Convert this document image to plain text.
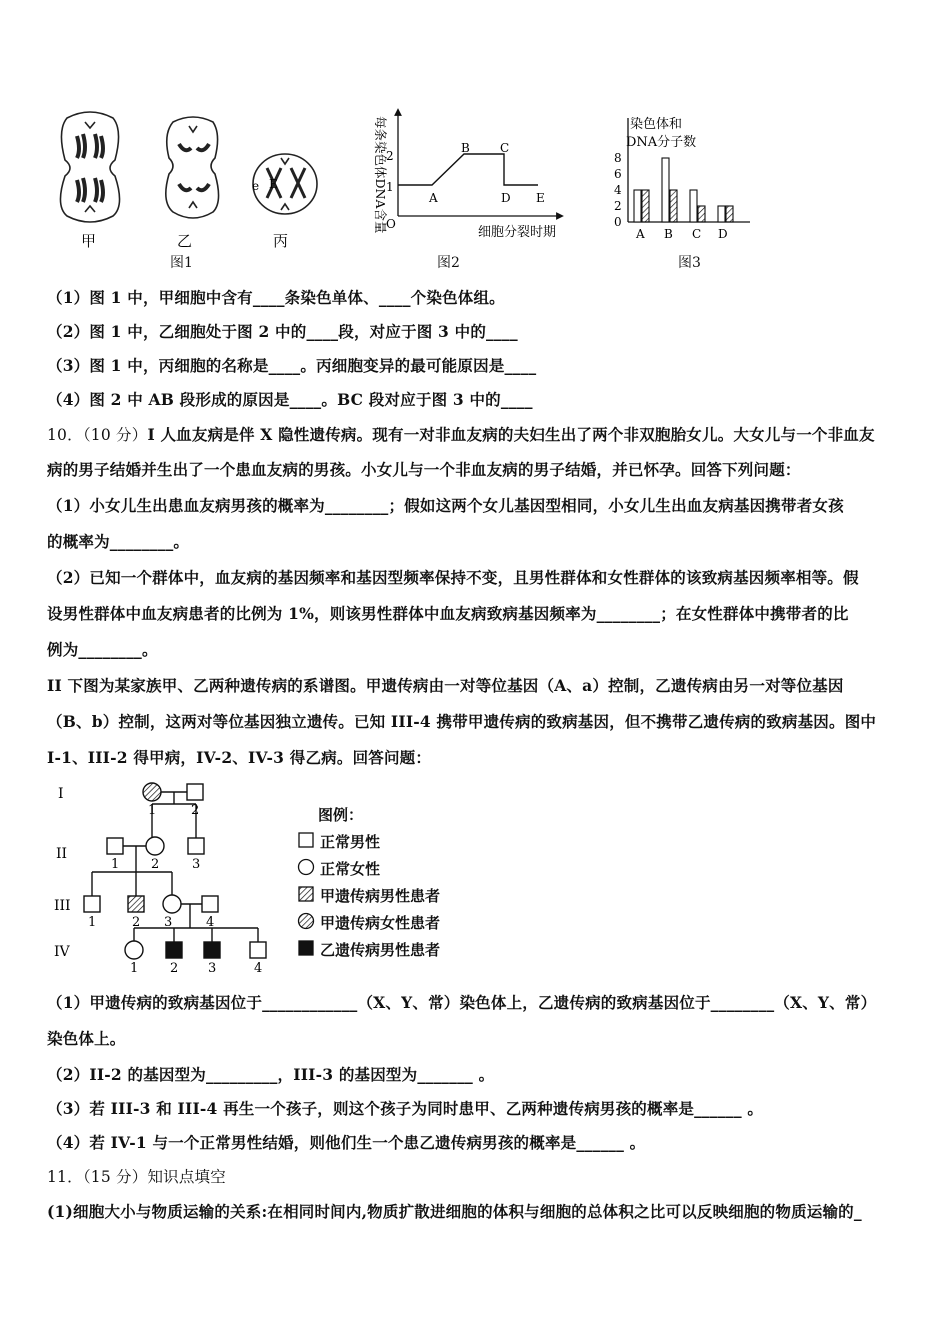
e E
甲	乙	丙
图1
每条染色体DNA含量	细胞分裂时期
O
1
2
A
B	C
D E
图2
染色体和
DNA分子数
0
2
4
6
8
A B C D
图3
（1）图 1 中，甲细胞中含有____条染色单体、____个染色体组。
（2）图 1 中，乙细胞处于图 2 中的____段，对应于图 3 中的____
（3）图 1 中，丙细胞的名称是____。丙细胞变异的最可能原因是____
（4）图 2 中 AB 段形成的原因是____。BC 段对应于图 3 中的____
10．（10 分）I 人血友病是伴 X 隐性遗传病。现有一对非血友病的夫妇生出了两个非双胞胎女儿。大女儿与一个非血友
病的男子结婚并生出了一个患血友病的男孩。小女儿与一个非血友病的男子结婚，并已怀孕。回答下列问题：
（1）小女儿生出患血友病男孩的概率为________；假如这两个女儿基因型相同，小女儿生出血友病基因携带者女孩
的概率为________。
（2）已知一个群体中，血友病的基因频率和基因型频率保持不变，且男性群体和女性群体的该致病基因频率相等。假
设男性群体中血友病患者的比例为 1%，则该男性群体中血友病致病基因频率为________；在女性群体中携带者的比
例为________。
II 下图为某家族甲、乙两种遗传病的系谱图。甲遗传病由一对等位基因（A、a）控制，乙遗传病由另一对等位基因
（B、b）控制，这两对等位基因独立遗传。已知 III-4 携带甲遗传病的致病基因，但不携带乙遗传病的致病基因。图中
I-1、III-2 得甲病，IV-2、IV-3 得乙病。回答问题：
I
II
III
IV
1	2
1 2	3
1	2 3	4
1 2 3	4
图例：
正常男性
正常女性
甲遗传病男性患者
甲遗传病女性患者
乙遗传病男性患者
（1）甲遗传病的致病基因位于____________（X、Y、常）染色体上，乙遗传病的致病基因位于________（X、Y、常）
染色体上。
（2）II-2 的基因型为_________，III-3 的基因型为_______ 。
（3）若 III-3 和 III-4 再生一个孩子，则这个孩子为同时患甲、乙两种遗传病男孩的概率是______ 。
（4）若 IV-1 与一个正常男性结婚，则他们生一个患乙遗传病男孩的概率是______ 。
11．（15 分）知识点填空
(1)细胞大小与物质运输的关系:在相同时间内,物质扩散进细胞的体积与细胞的总体积之比可以反映细胞的物质运输的_
